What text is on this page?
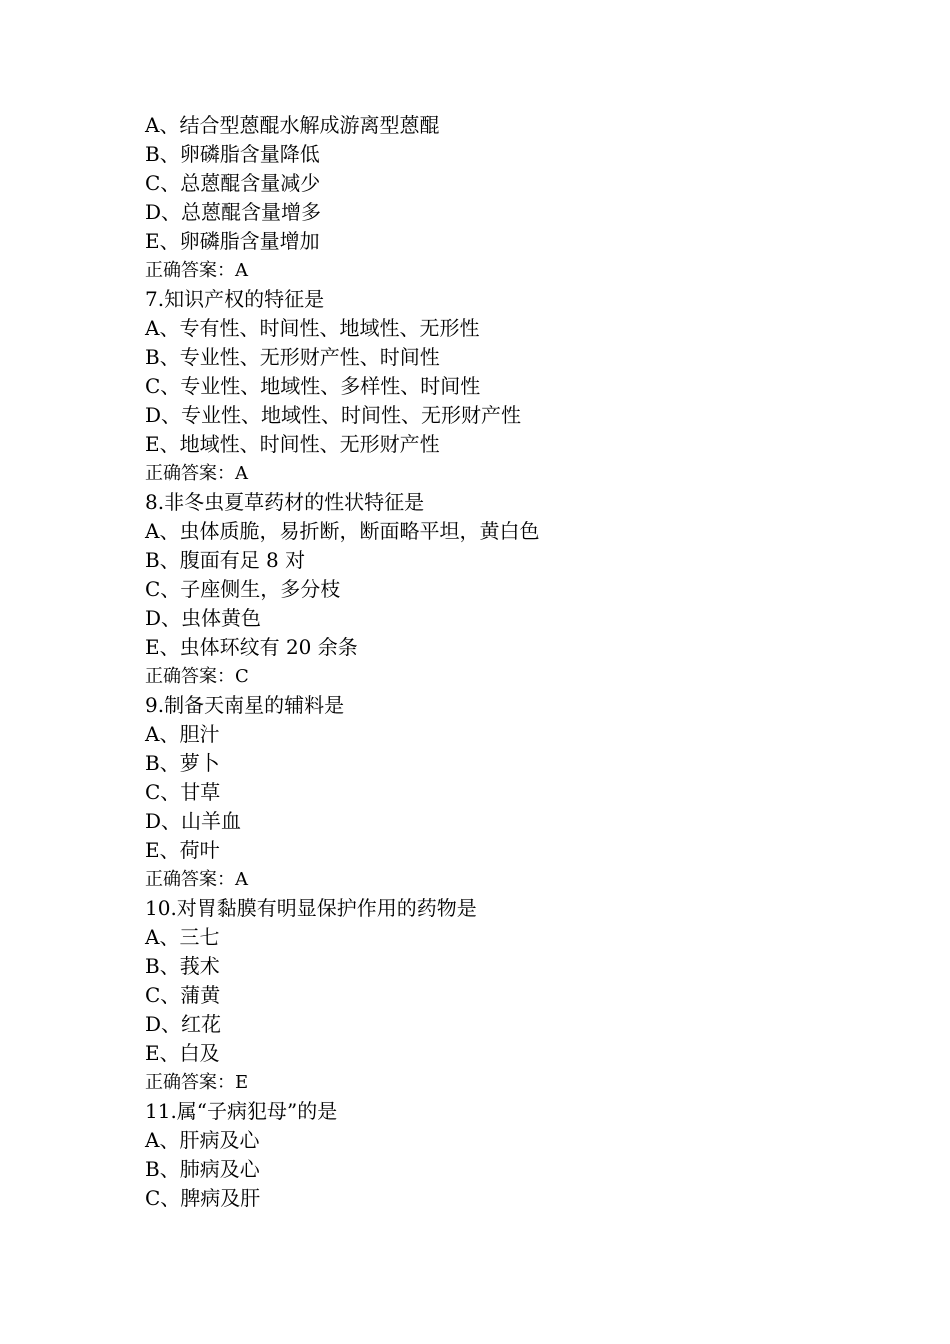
A、结合型蒽醌水解成游离型蒽醌
B、卵磷脂含量降低
C、总蒽醌含量减少
D、总蒽醌含量增多
E、卵磷脂含量增加
正确答案：A
7.知识产权的特征是
A、专有性、时间性、地域性、无形性
B、专业性、无形财产性、时间性
C、专业性、地域性、多样性、时间性
D、专业性、地域性、时间性、无形财产性
E、地域性、时间性、无形财产性
正确答案：A
8.非冬虫夏草药材的性状特征是
A、虫体质脆，易折断，断面略平坦，黄白色
B、腹面有足 8 对
C、子座侧生，多分枝
D、虫体黄色
E、虫体环纹有 20 余条
正确答案：C
9.制备天南星的辅料是
A、胆汁
B、萝卜
C、甘草
D、山羊血
E、荷叶
正确答案：A
10.对胃黏膜有明显保护作用的药物是
A、三七
B、莪术
C、蒲黄
D、红花
E、白及
正确答案：E
11.属“子病犯母”的是
A、肝病及心
B、肺病及心
C、脾病及肝
